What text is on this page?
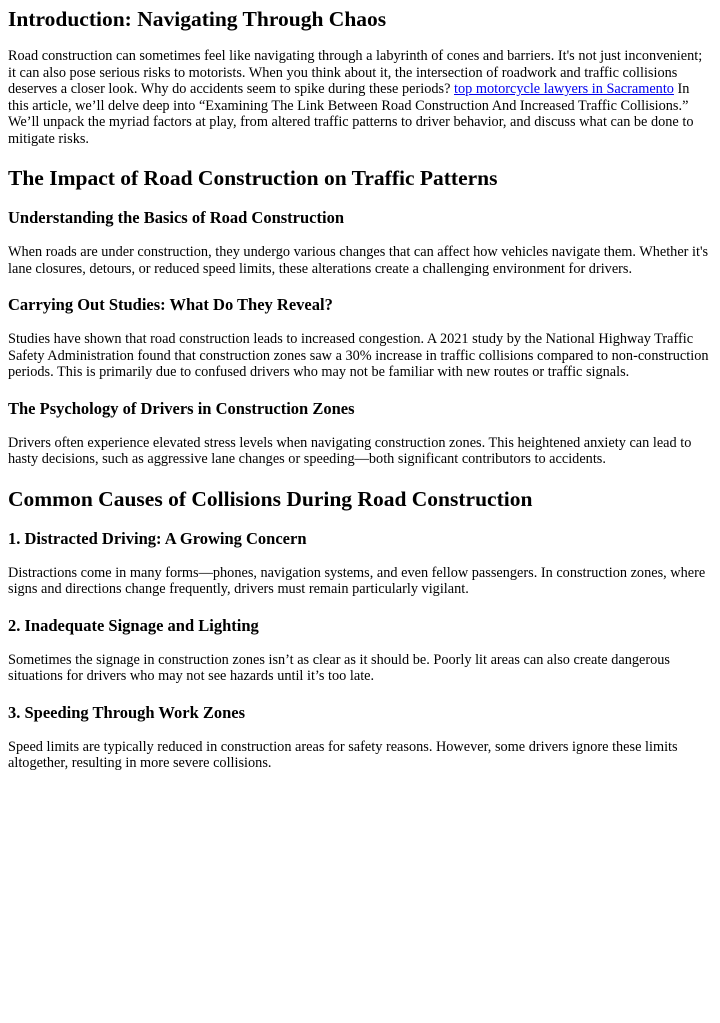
Introduction: Navigating Through Chaos

Road construction can sometimes feel like navigating through a labyrinth of cones and barriers. It's not just inconvenient; it can also pose serious risks to motorists. When you think about it, the intersection of roadwork and traffic collisions deserves a closer look. Why do accidents seem to spike during these periods? top motorcycle lawyers in Sacramento In this article, we’ll delve deep into “Examining The Link Between Road Construction And Increased Traffic Collisions.” We’ll unpack the myriad factors at play, from altered traffic patterns to driver behavior, and discuss what can be done to mitigate risks.

The Impact of Road Construction on Traffic Patterns
Understanding the Basics of Road Construction

When roads are under construction, they undergo various changes that can affect how vehicles navigate them. Whether it's lane closures, detours, or reduced speed limits, these alterations create a challenging environment for drivers.

Carrying Out Studies: What Do They Reveal?

Studies have shown that road construction leads to increased congestion. A 2021 study by the National Highway Traffic Safety Administration found that construction zones saw a 30% increase in traffic collisions compared to non-construction periods. This is primarily due to confused drivers who may not be familiar with new routes or traffic signals.

The Psychology of Drivers in Construction Zones

Drivers often experience elevated stress levels when navigating construction zones. This heightened anxiety can lead to hasty decisions, such as aggressive lane changes or speeding—both significant contributors to accidents.

Common Causes of Collisions During Road Construction
1. Distracted Driving: A Growing Concern

Distractions come in many forms—phones, navigation systems, and even fellow passengers. In construction zones, where signs and directions change frequently, drivers must remain particularly vigilant.

2. Inadequate Signage and Lighting

Sometimes the signage in construction zones isn’t as clear as it should be. Poorly lit areas can also create dangerous situations for drivers who may not see hazards until it’s too late.

3. Speeding Through Work Zones

Speed limits are typically reduced in construction areas for safety reasons. However, some drivers ignore these limits altogether, resulting in more severe collisions.
